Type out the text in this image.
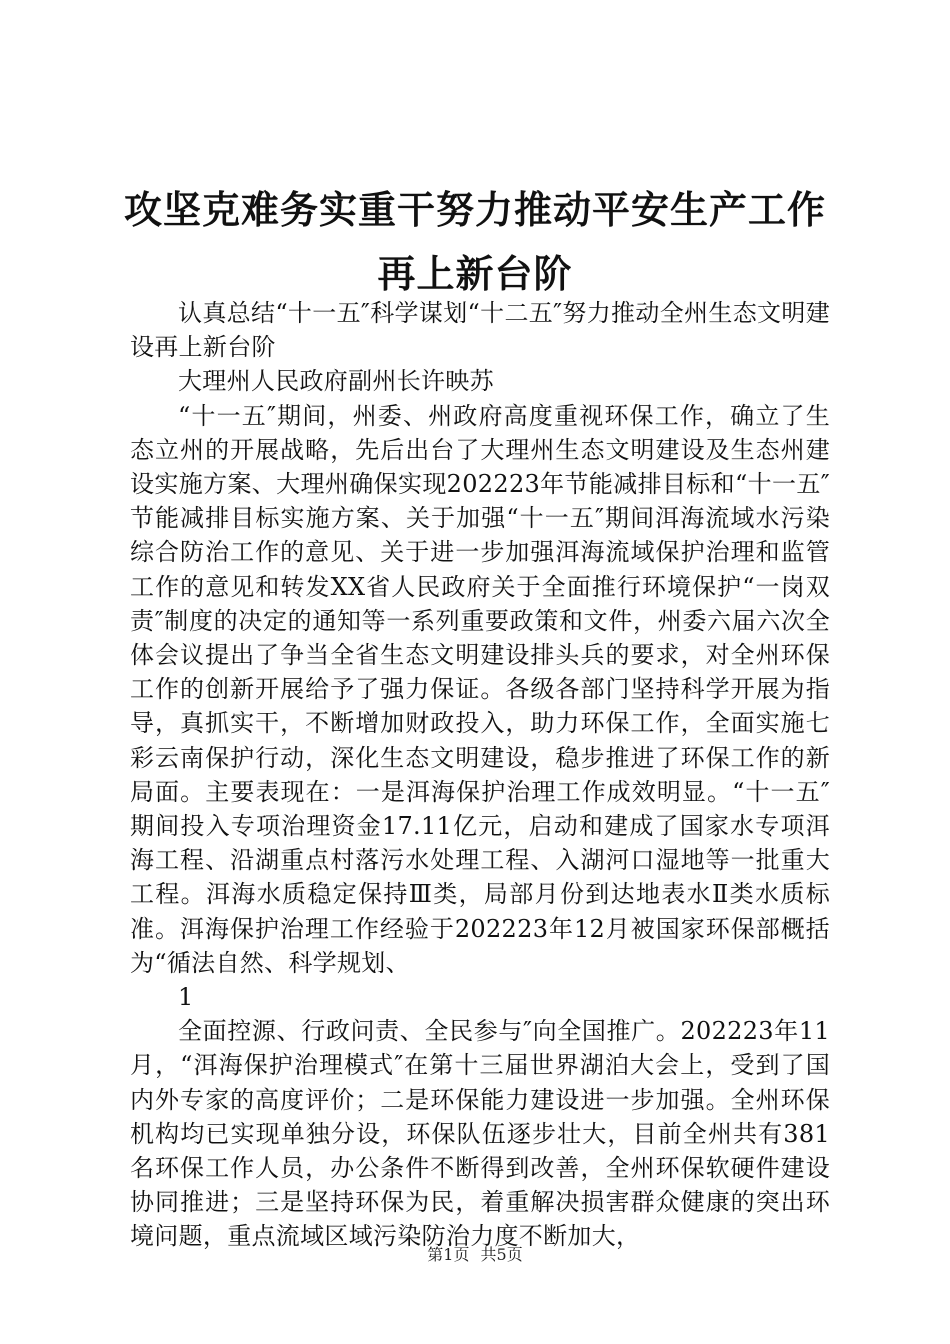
攻坚克难务实重干努力推动平安生产工作再上新台阶

认真总结“十一五″科学谋划“十二五″努力推动全州生态文明建设再上新台阶

大理州人民政府副州长许映苏

“十一五″期间，州委、州政府高度重视环保工作，确立了生态立州的开展战略，先后出台了大理州生态文明建设及生态州建设实施方案、大理州确保实现202223年节能减排目标和“十一五″节能减排目标实施方案、关于加强“十一五″期间洱海流域水污染综合防治工作的意见、关于进一步加强洱海流域保护治理和监管工作的意见和转发XX省人民政府关于全面推行环境保护“一岗双责″制度的决定的通知等一系列重要政策和文件，州委六届六次全体会议提出了争当全省生态文明建设排头兵的要求，对全州环保工作的创新开展给予了强力保证。各级各部门坚持科学开展为指导，真抓实干，不断增加财政投入，助力环保工作，全面实施七彩云南保护行动，深化生态文明建设，稳步推进了环保工作的新局面。主要表现在：一是洱海保护治理工作成效明显。“十一五″期间投入专项治理资金17.11亿元，启动和建成了国家水专项洱海工程、沿湖重点村落污水处理工程、入湖河口湿地等一批重大工程。洱海水质稳定保持Ⅲ类，局部月份到达地表水Ⅱ类水质标准。洱海保护治理工作经验于202223年12月被国家环保部概括为“循法自然、科学规划、

1

全面控源、行政问责、全民参与″向全国推广。202223年11月，“洱海保护治理模式″在第十三届世界湖泊大会上，受到了国内外专家的高度评价；二是环保能力建设进一步加强。全州环保机构均已实现单独分设，环保队伍逐步壮大，目前全州共有381名环保工作人员，办公条件不断得到改善，全州环保软硬件建设协同推进；三是坚持环保为民，着重解决损害群众健康的突出环境问题，重点流域区域污染防治力度不断加大，

第1页 共5页
